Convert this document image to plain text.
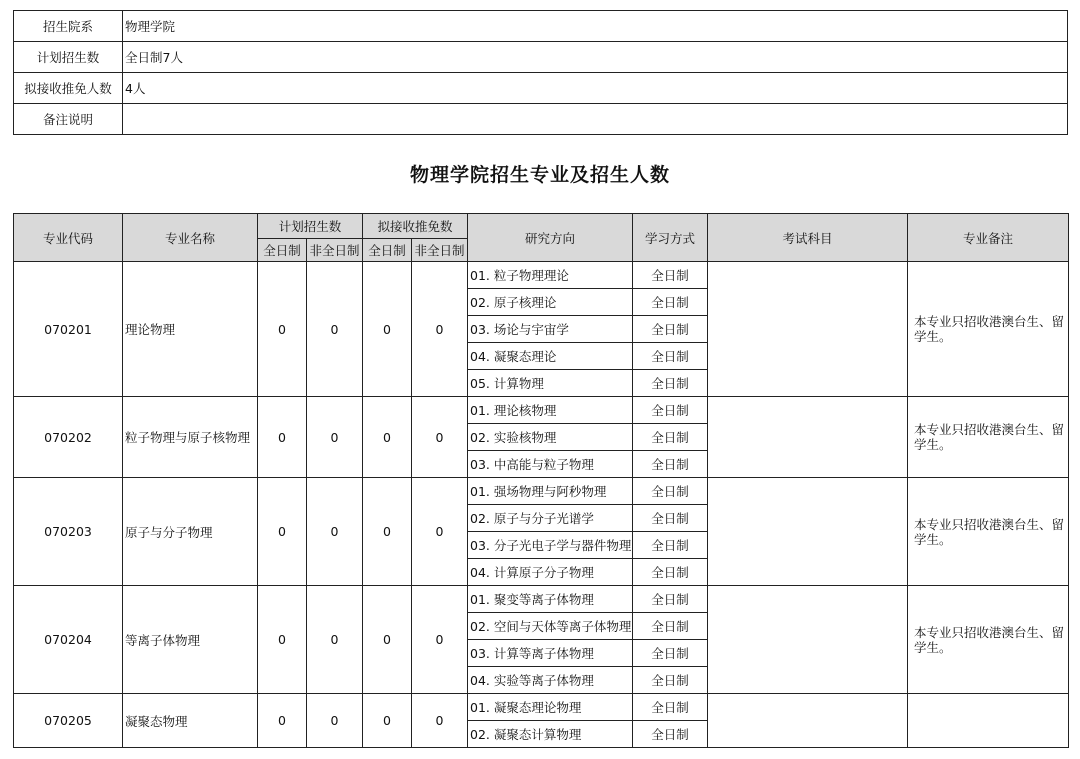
招生院系	物理学院
计划招生数	全日制7人
拟接收推免人数	4人
备注说明	
物理学院招生专业及招生人数
专业代码	专业名称	计划招生数		拟接收推免数		研究方向	学习方式	考试科目	专业备注
		全日制	非全日制	全日制	非全日制				
070201	理论物理	0	0	0	0	01. 粒子物理理论	全日制		本专业只招收港澳台生、留学生。
						02. 原子核理论	全日制		
						03. 场论与宇宙学	全日制		
						04. 凝聚态理论	全日制		
						05. 计算物理	全日制		
070202	粒子物理与原子核物理	0	0	0	0	01. 理论核物理	全日制		本专业只招收港澳台生、留学生。
						02. 实验核物理	全日制		
						03. 中高能与粒子物理	全日制		
070203	原子与分子物理	0	0	0	0	01. 强场物理与阿秒物理	全日制		本专业只招收港澳台生、留学生。
						02. 原子与分子光谱学	全日制		
						03. 分子光电子学与器件物理	全日制		
						04. 计算原子分子物理	全日制		
070204	等离子体物理	0	0	0	0	01. 聚变等离子体物理	全日制		本专业只招收港澳台生、留学生。
						02. 空间与天体等离子体物理	全日制		
						03. 计算等离子体物理	全日制		
						04. 实验等离子体物理	全日制		
070205	凝聚态物理	0	0	0	0	01. 凝聚态理论物理	全日制		
						02. 凝聚态计算物理	全日制		
